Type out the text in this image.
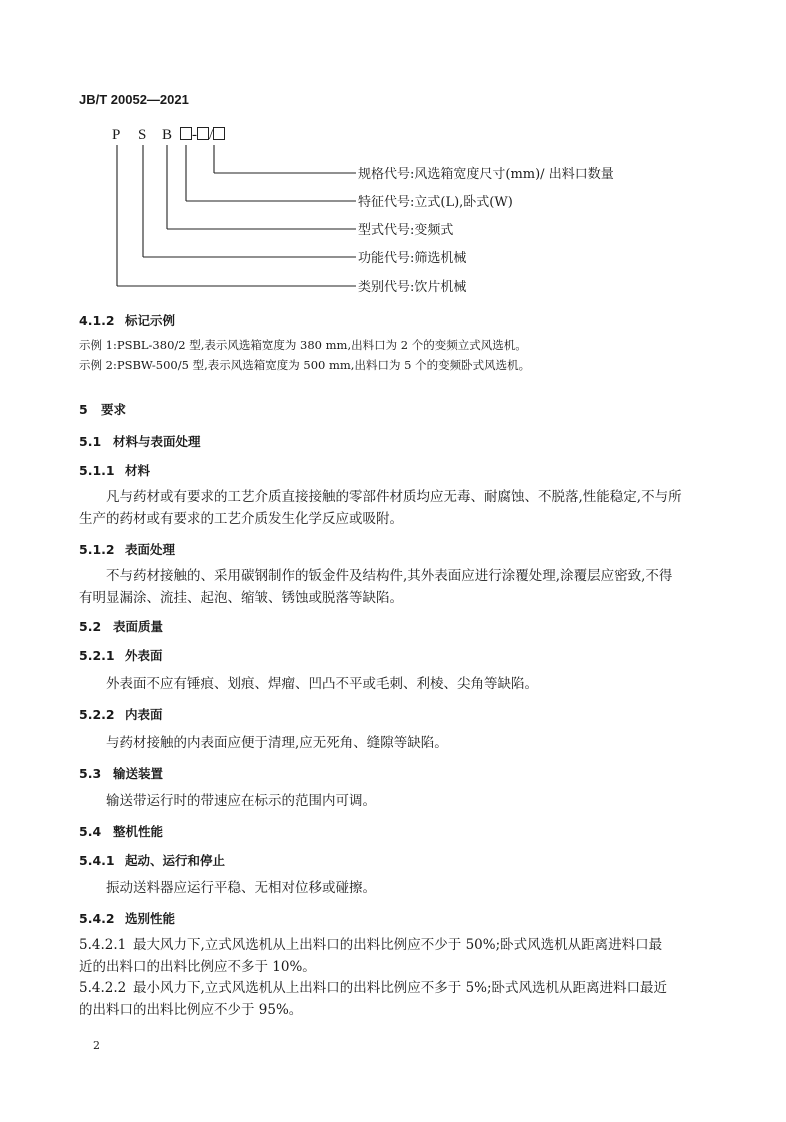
JB/T 20052—2021
P S B	- /
规格代号:风选箱宽度尺寸(mm)/ 出料口数量
特征代号:立式(L),卧式(W)
型式代号:变频式
功能代号:筛选机械
类别代号:饮片机械
4.1.2 标记示例
示例 1:PSBL-380/2 型,表示风选箱宽度为 380 mm,出料口为 2 个的变频立式风选机。
示例 2:PSBW-500/5 型,表示风选箱宽度为 500 mm,出料口为 5 个的变频卧式风选机。
5 要求
5.1 材料与表面处理
5.1.1 材料
凡与药材或有要求的工艺介质直接接触的零部件材质均应无毒、耐腐蚀、不脱落,性能稳定,不与所
生产的药材或有要求的工艺介质发生化学反应或吸附。
5.1.2 表面处理
不与药材接触的、采用碳钢制作的钣金件及结构件,其外表面应进行涂覆处理,涂覆层应密致,不得
有明显漏涂、流挂、起泡、缩皱、锈蚀或脱落等缺陷。
5.2 表面质量
5.2.1 外表面
外表面不应有锤痕、划痕、焊瘤、凹凸不平或毛刺、利棱、尖角等缺陷。
5.2.2 内表面
与药材接触的内表面应便于清理,应无死角、缝隙等缺陷。
5.3 输送装置
输送带运行时的带速应在标示的范围内可调。
5.4 整机性能
5.4.1 起动、运行和停止
振动送料器应运行平稳、无相对位移或碰擦。
5.4.2 选别性能
5.4.2.1 最大风力下,立式风选机从上出料口的出料比例应不少于 50%;卧式风选机从距离进料口最
近的出料口的出料比例应不多于 10%。
5.4.2.2 最小风力下,立式风选机从上出料口的出料比例应不多于 5%;卧式风选机从距离进料口最近
的出料口的出料比例应不少于 95%。
2
